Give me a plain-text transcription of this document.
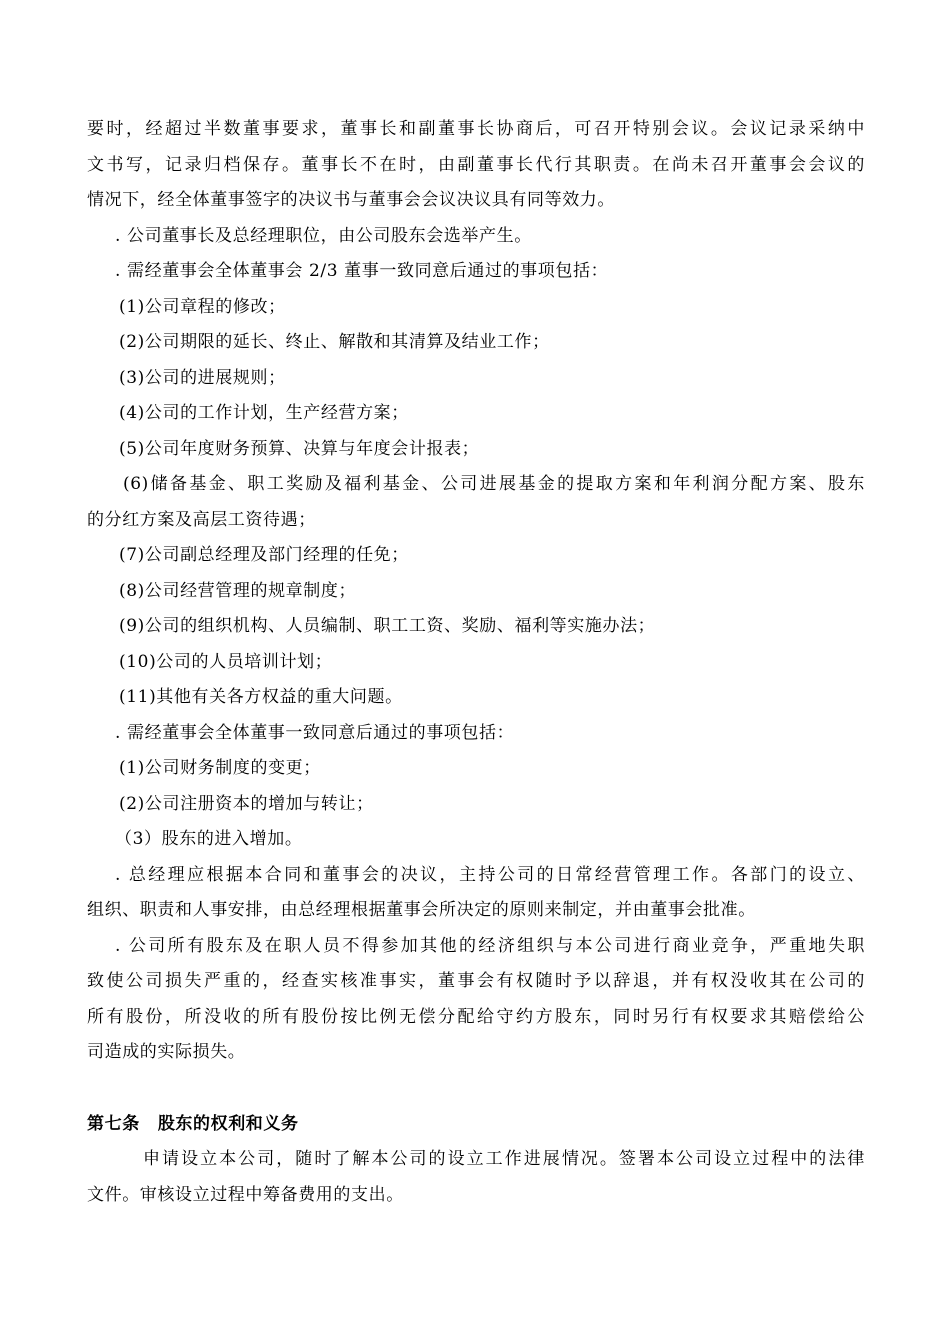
要时，经超过半数董事要求，董事长和副董事长协商后，可召开特别会议。会议记录采纳中
文书写，记录归档保存。董事长不在时，由副董事长代行其职责。在尚未召开董事会会议的
情况下，经全体董事签字的决议书与董事会会议决议具有同等效力。
. 公司董事长及总经理职位，由公司股东会选举产生。
. 需经董事会全体董事会 2/3 董事一致同意后通过的事项包括：
(1)公司章程的修改；
(2)公司期限的延长、终止、解散和其清算及结业工作；
(3)公司的进展规则；
(4)公司的工作计划，生产经营方案；
(5)公司年度财务预算、决算与年度会计报表；
(6)储备基金、职工奖励及福利基金、公司进展基金的提取方案和年利润分配方案、股东
的分红方案及高层工资待遇；
(7)公司副总经理及部门经理的任免；
(8)公司经营管理的规章制度；
(9)公司的组织机构、人员编制、职工工资、奖励、福利等实施办法；
(10)公司的人员培训计划；
(11)其他有关各方权益的重大问题。
. 需经董事会全体董事一致同意后通过的事项包括：
(1)公司财务制度的变更；
(2)公司注册资本的增加与转让；
（3）股东的进入增加。
. 总经理应根据本合同和董事会的决议，主持公司的日常经营管理工作。各部门的设立、
组织、职责和人事安排，由总经理根据董事会所决定的原则来制定，并由董事会批准。
. 公司所有股东及在职人员不得参加其他的经济组织与本公司进行商业竞争，严重地失职
致使公司损失严重的，经查实核准事实，董事会有权随时予以辞退，并有权没收其在公司的
所有股份，所没收的所有股份按比例无偿分配给守约方股东，同时另行有权要求其赔偿给公
司造成的实际损失。
第七条 股东的权利和义务
申请设立本公司，随时了解本公司的设立工作进展情况。签署本公司设立过程中的法律
文件。审核设立过程中筹备费用的支出。
